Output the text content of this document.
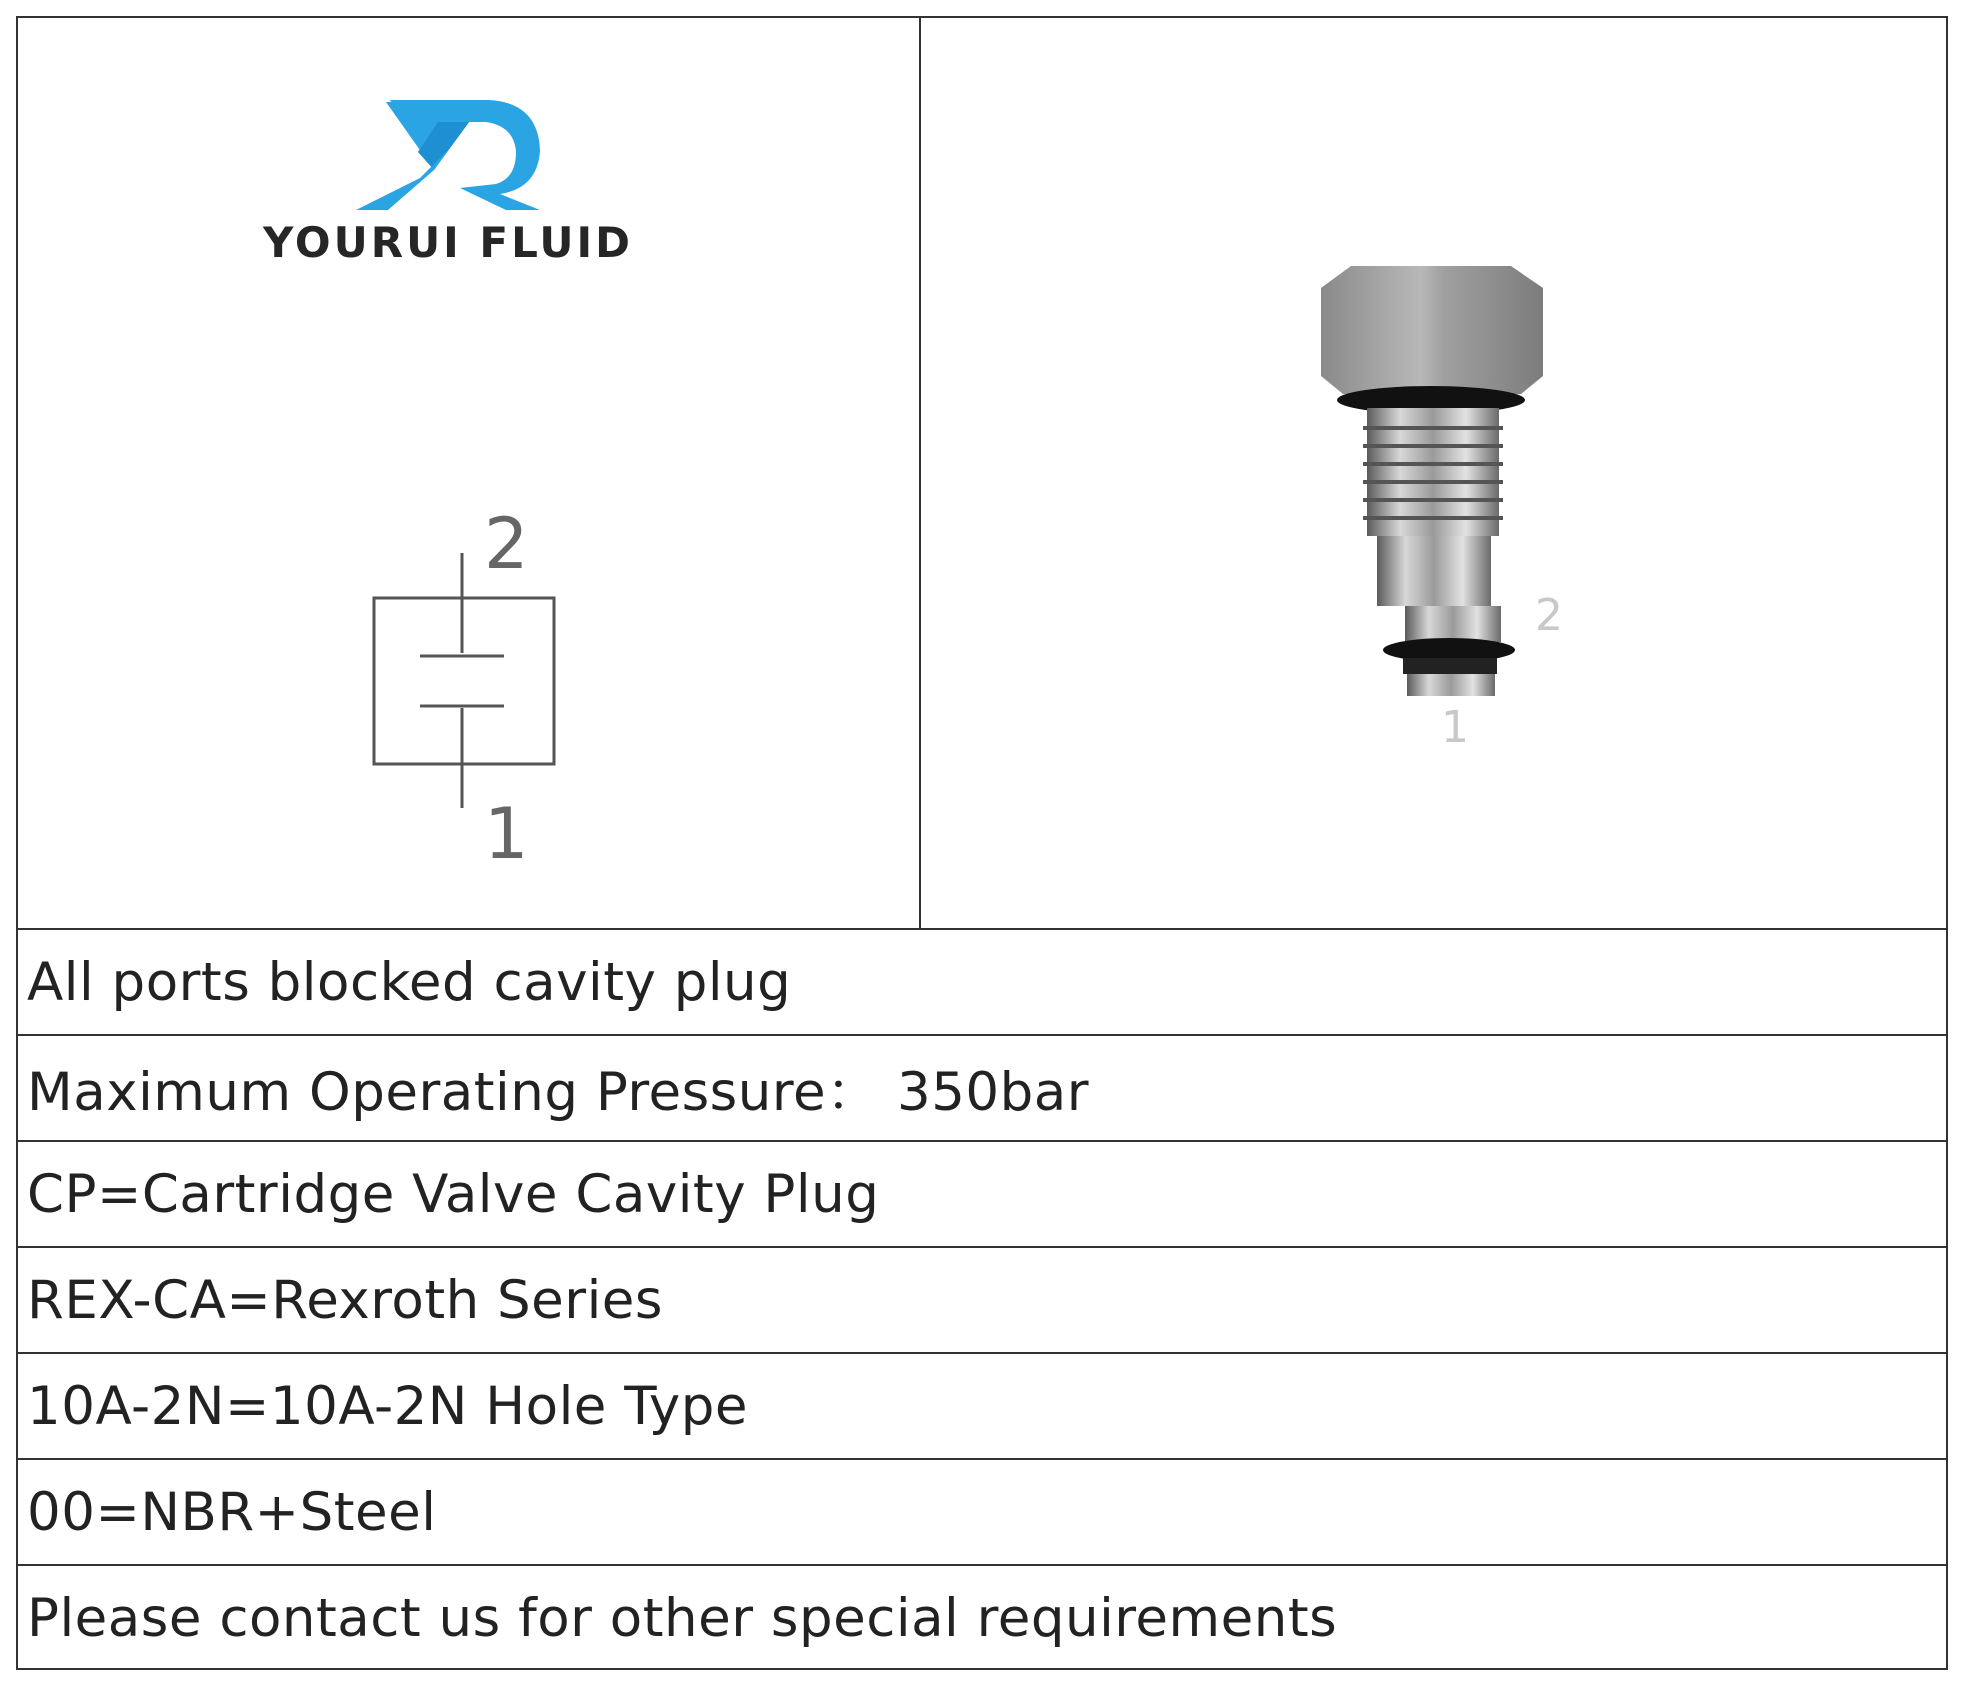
YOURUI FLUID
2
1
2
1
All ports blocked cavity plug
Maximum Operating Pressure： 350bar
CP=Cartridge Valve Cavity Plug
REX-CA=Rexroth Series
10A-2N=10A-2N Hole Type
00=NBR+Steel
Please contact us for other special requirements
